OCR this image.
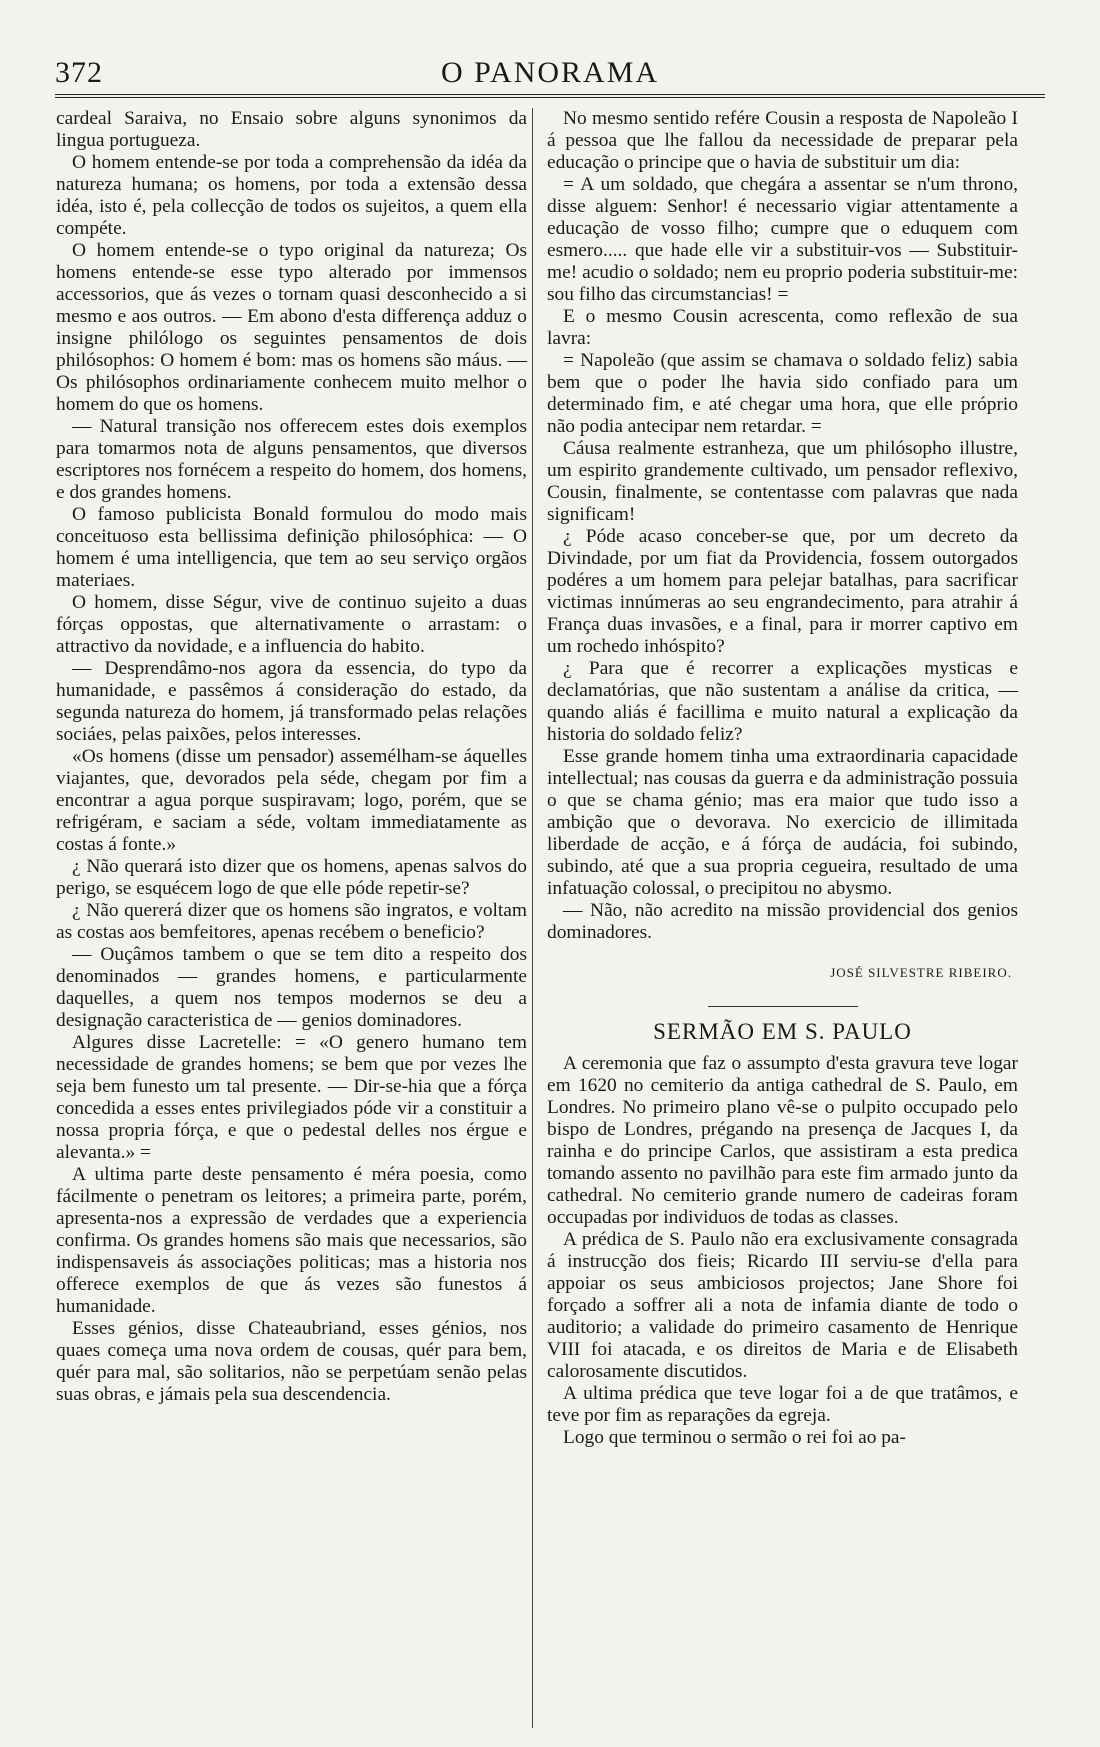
372	O PANORAMA

cardeal Saraiva, no Ensaio sobre alguns synonimos da lingua portugueza.

O homem entende-se por toda a comprehensão da idéa da natureza humana; os homens, por toda a extensão dessa idéa, isto é, pela collecção de todos os sujeitos, a quem ella compéte.

O homem entende-se o typo original da natureza; Os homens entende-se esse typo alterado por immensos accessorios, que ás vezes o tornam quasi desconhecido a si mesmo e aos outros. — Em abono d'esta differença adduz o insigne philólogo os seguintes pensamentos de dois philósophos: O homem é bom: mas os homens são máus. — Os philósophos ordinariamente conhecem muito melhor o homem do que os homens.

— Natural transição nos offerecem estes dois exemplos para tomarmos nota de alguns pensamentos, que diversos escriptores nos fornécem a respeito do homem, dos homens, e dos grandes homens.

O famoso publicista Bonald formulou do modo mais conceituoso esta bellissima definição philosóphica: — O homem é uma intelligencia, que tem ao seu serviço orgãos materiaes.

O homem, disse Ségur, vive de continuo sujeito a duas fórças oppostas, que alternativamente o arrastam: o attractivo da novidade, e a influencia do habito.

— Desprendâmo-nos agora da essencia, do typo da humanidade, e passêmos á consideração do estado, da segunda natureza do homem, já transformado pelas relações sociáes, pelas paixões, pelos interesses.

«Os homens (disse um pensador) assemélham-se áquelles viajantes, que, devorados pela séde, chegam por fim a encontrar a agua porque suspiravam; logo, porém, que se refrigéram, e saciam a séde, voltam immediatamente as costas á fonte.»

¿ Não querará isto dizer que os homens, apenas salvos do perigo, se esquécem logo de que elle póde repetir-se?

¿ Não quererá dizer que os homens são ingratos, e voltam as costas aos bemfeitores, apenas recébem o beneficio?

— Ouçâmos tambem o que se tem dito a respeito dos denominados — grandes homens, e particularmente daquelles, a quem nos tempos modernos se deu a designação caracteristica de — genios dominadores.

Algures disse Lacretelle: = «O genero humano tem necessidade de grandes homens; se bem que por vezes lhe seja bem funesto um tal presente. — Dir-se-hia que a fórça concedida a esses entes privilegiados póde vir a constituir a nossa propria fórça, e que o pedestal delles nos érgue e alevanta.» =

A ultima parte deste pensamento é méra poesia, como fácilmente o penetram os leitores; a primeira parte, porém, apresenta-nos a expressão de verdades que a experiencia confirma. Os grandes homens são mais que necessarios, são indispensaveis ás associações politicas; mas a historia nos offerece exemplos de que ás vezes são funestos á humanidade.

Esses génios, disse Chateaubriand, esses génios, nos quaes começa uma nova ordem de cousas, quér para bem, quér para mal, são solitarios, não se perpetúam senão pelas suas obras, e jámais pela sua descendencia.

No mesmo sentido refére Cousin a resposta de Napoleão I á pessoa que lhe fallou da necessidade de preparar pela educação o principe que o havia de substituir um dia:

= A um soldado, que chegára a assentar se n'um throno, disse alguem: Senhor! é necessario vigiar attentamente a educação de vosso filho; cumpre que o eduquem com esmero..... que hade elle vir a substituir-vos — Substituir-me! acudio o soldado; nem eu proprio poderia substituir-me: sou filho das circumstancias! =

E o mesmo Cousin acrescenta, como reflexão de sua lavra:

= Napoleão (que assim se chamava o soldado feliz) sabia bem que o poder lhe havia sido confiado para um determinado fim, e até chegar uma hora, que elle próprio não podia antecipar nem retardar. =

Cáusa realmente estranheza, que um philósopho illustre, um espirito grandemente cultivado, um pensador reflexivo, Cousin, finalmente, se contentasse com palavras que nada significam!

¿ Póde acaso conceber-se que, por um decreto da Divindade, por um fiat da Providencia, fossem outorgados podéres a um homem para pelejar batalhas, para sacrificar victimas innúmeras ao seu engrandecimento, para atrahir á França duas invasões, e a final, para ir morrer captivo em um rochedo inhóspito?

¿ Para que é recorrer a explicações mysticas e declamatórias, que não sustentam a análise da critica, — quando aliás é facillima e muito natural a explicação da historia do soldado feliz?

Esse grande homem tinha uma extraordinaria capacidade intellectual; nas cousas da guerra e da administração possuia o que se chama génio; mas era maior que tudo isso a ambição que o devorava. No exercicio de illimitada liberdade de acção, e á fórça de audácia, foi subindo, subindo, até que a sua propria cegueira, resultado de uma infatuação colossal, o precipitou no abysmo.

— Não, não acredito na missão providencial dos genios dominadores.

JOSÉ SILVESTRE RIBEIRO.
SERMÃO EM S. PAULO

A ceremonia que faz o assumpto d'esta gravura teve logar em 1620 no cemiterio da antiga cathedral de S. Paulo, em Londres. No primeiro plano vê-se o pulpito occupado pelo bispo de Londres, prégando na presença de Jacques I, da rainha e do principe Carlos, que assistiram a esta predica tomando assento no pavilhão para este fim armado junto da cathedral. No cemiterio grande numero de cadeiras foram occupadas por individuos de todas as classes.

A prédica de S. Paulo não era exclusivamente consagrada á instrucção dos fieis; Ricardo III serviu-se d'ella para appoiar os seus ambiciosos projectos; Jane Shore foi forçado a soffrer ali a nota de infamia diante de todo o auditorio; a validade do primeiro casamento de Henrique VIII foi atacada, e os direitos de Maria e de Elisabeth calorosamente discutidos.

A ultima prédica que teve logar foi a de que tratâmos, e teve por fim as reparações da egreja.

Logo que terminou o sermão o rei foi ao pa-
